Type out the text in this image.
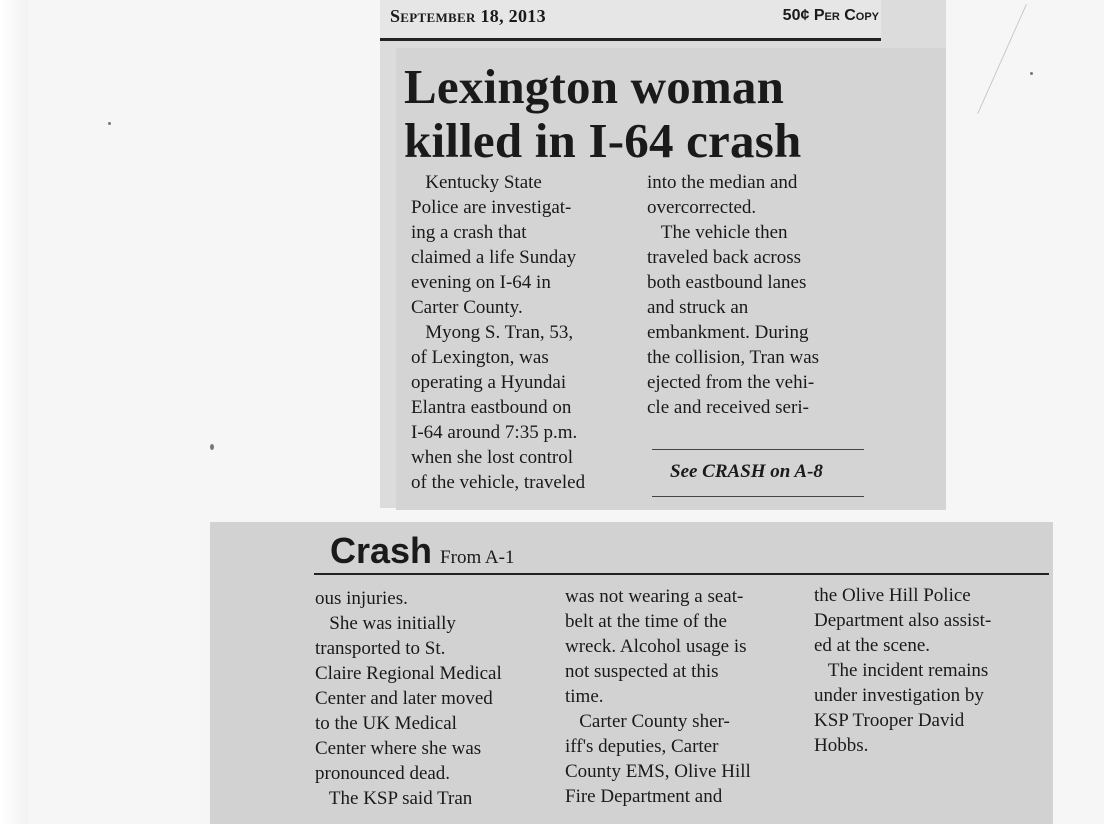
September 18, 2013	50¢ Per Copy
Lexington woman
killed in I-64 crash
Kentucky State
Police are investigat-
ing a crash that
claimed a life Sunday
evening on I-64 in
Carter County.
Myong S. Tran, 53,
of Lexington, was
operating a Hyundai
Elantra eastbound on
I-64 around 7:35 p.m.
when she lost control
of the vehicle, traveled
into the median and
overcorrected.
The vehicle then
traveled back across
both eastbound lanes
and struck an
embankment. During
the collision, Tran was
ejected from the vehi-
cle and received seri-
See CRASH on A-8
Crash From A-1
ous injuries.
She was initially
transported to St.
Claire Regional Medical
Center and later moved
to the UK Medical
Center where she was
pronounced dead.
The KSP said Tran
was not wearing a seat-
belt at the time of the
wreck. Alcohol usage is
not suspected at this
time.
Carter County sher-
iff's deputies, Carter
County EMS, Olive Hill
Fire Department and
the Olive Hill Police
Department also assist-
ed at the scene.
The incident remains
under investigation by
KSP Trooper David
Hobbs.
